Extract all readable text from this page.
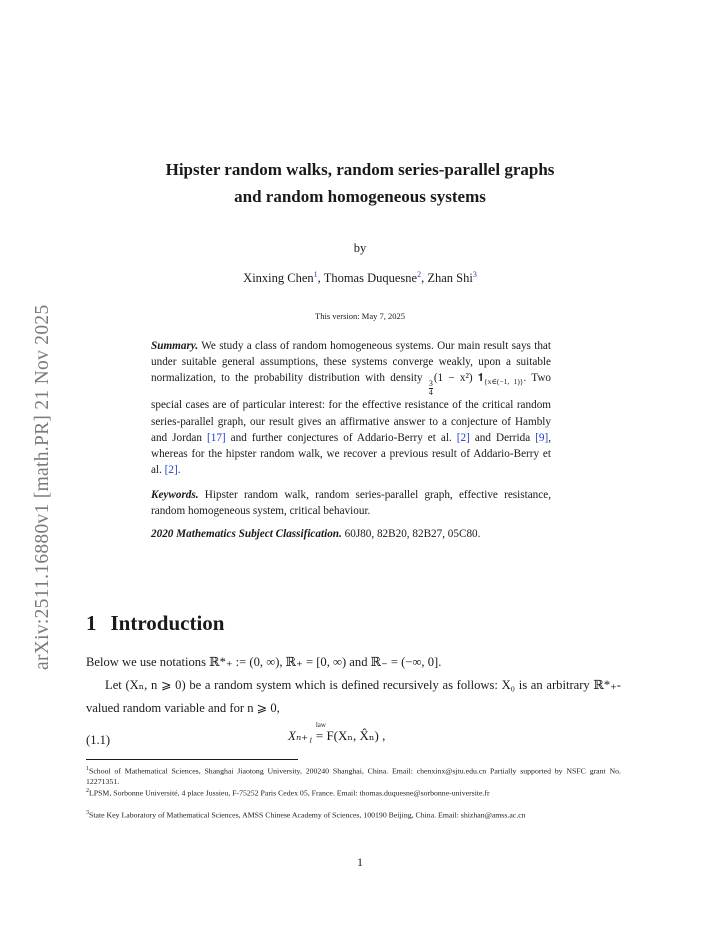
arXiv:2511.16880v1 [math.PR] 21 Nov 2025
Hipster random walks, random series-parallel graphs
and random homogeneous systems
by
Xinxing Chen$^1$, Thomas Duquesne$^2$, Zhan Shi$^3$
This version: May 7, 2025
Summary. We study a class of random homogeneous systems. Our main result says that under suitable general assumptions, these systems converge weakly, upon a suitable normalization, to the probability distribution with density
$\frac{3}{4}$
(1 − x²) $𝟏_{\{x\in(-1, 1)\}}$. Two special cases are of particular interest: for the effective resistance of the critical random series-parallel graph, our result gives an affirmative answer to a conjecture of Hambly and Jordan [17] and further conjectures of Addario-Berry et al. [2] and Derrida [9], whereas for the hipster random walk, we recover a previous result of Addario-Berry et al. [2].
Keywords. Hipster random walk, random series-parallel graph, effective resistance, random homogeneous system, critical behaviour.
2020 Mathematics Subject Classification. 60J80, 82B20, 82B27, 05C80.
1 Introduction
Below we use notations ℝ*₊ := (0, ∞), ℝ₊ = [0, ∞) and ℝ₋ = (−∞, 0].
Let (Xₙ, n ⩾ 0) be a random system which is defined recursively as follows: X₀ is an arbitrary ℝ*₊-valued random variable and for n ⩾ 0,
(1.1)	Xₙ₊₁
law
= F(Xₙ, X̂ₙ) ,
$^1$School of Mathematical Sciences, Shanghai Jiaotong University, 200240 Shanghai, China. Email: chenxinx@sjtu.edu.cn Partially supported by NSFC grant No. 12271351.
$^2$LPSM, Sorbonne Université, 4 place Jussieu, F-75252 Paris Cedex 05, France. Email: thomas.duquesne@sorbonne-universite.fr
$^3$State Key Laboratory of Mathematical Sciences, AMSS Chinese Academy of Sciences, 100190 Beijing, China. Email: shizhan@amss.ac.cn
1
